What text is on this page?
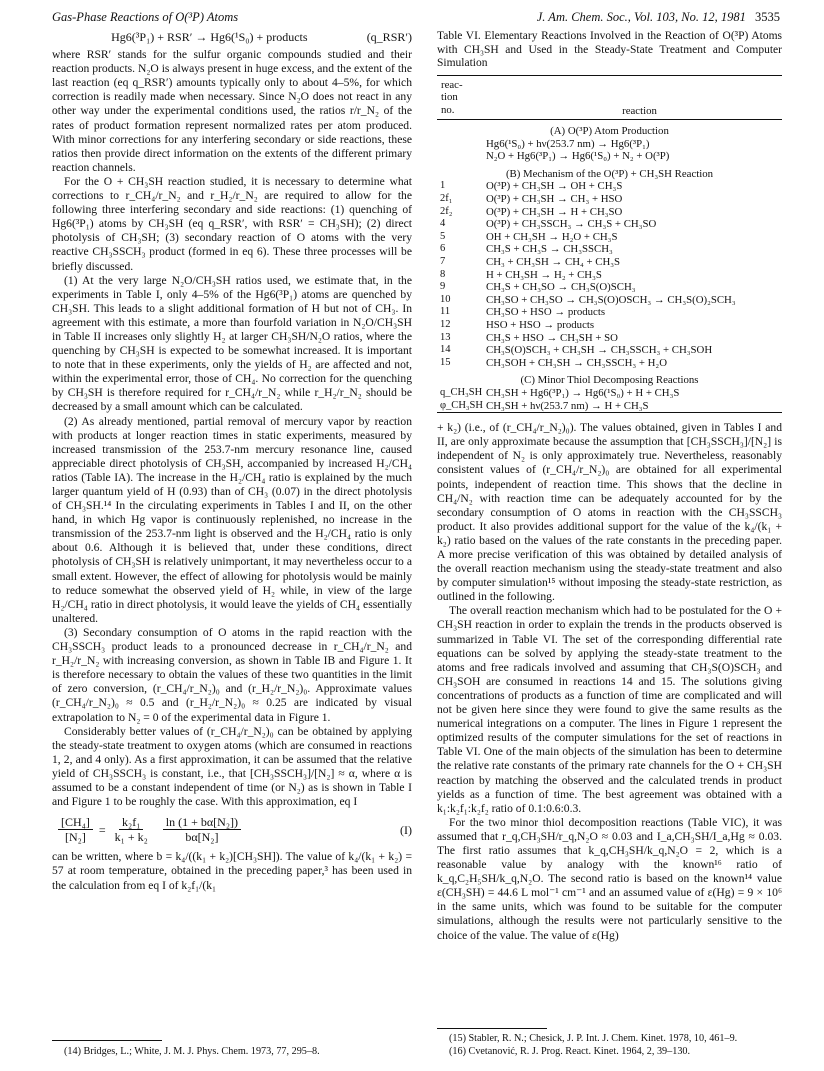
Gas-Phase Reactions of O(³P) Atoms	J. Am. Chem. Soc., Vol. 103, No. 12, 1981 3535
Hg6(³P₁) + RSR′ → Hg6(¹S₀) + products	(q_RSR′)

where RSR′ stands for the sulfur organic compounds studied and their reaction products. N₂O is always present in huge excess, and the extent of the last reaction (eq q_RSR′) amounts typically only to about 4–5%, for which correction is readily made when necessary. Since N₂O does not react in any other way under the experimental conditions used, the ratios r/r_N₂ of the rates of product formation represent normalized rates per atom produced. With minor corrections for any interfering secondary or side reactions, these ratios then provide direct information on the extents of the different primary reaction channels.

For the O + CH₃SH reaction studied, it is necessary to determine what corrections to r_CH₄/r_N₂ and r_H₂/r_N₂ are required to allow for the following three interfering secondary and side reactions: (1) quenching of Hg6(³P₁) atoms by CH₃SH (eq q_RSR′, with RSR′ = CH₃SH); (2) direct photolysis of CH₃SH; (3) secondary reaction of O atoms with the very reactive CH₃SSCH₃ product (formed in eq 6). These three processes will be briefly discussed.

(1) At the very large N₂O/CH₃SH ratios used, we estimate that, in the experiments in Table I, only 4–5% of the Hg6(³P₁) atoms are quenched by CH₃SH. This leads to a slight additional formation of H but not of CH₃. In agreement with this estimate, a more than fourfold variation in N₂O/CH₃SH in Table II increases only slightly H₂ at larger CH₃SH/N₂O ratios, where the quenching by CH₃SH is expected to be somewhat increased. It is important to note that in these experiments, only the yields of H₂ are affected and not, within the experimental error, those of CH₄. No correction for the quenching by CH₃SH is therefore required for r_CH₄/r_N₂ while r_H₂/r_N₂ should be decreased by a small amount which can be calculated.

(2) As already mentioned, partial removal of mercury vapor by reaction with products at longer reaction times in static experiments, measured by increased transmission of the 253.7-nm mercury resonance line, caused appreciable direct photolysis of CH₃SH, accompanied by increased H₂/CH₄ ratios (Table IA). The increase in the H₂/CH₄ ratio is explained by the much larger quantum yield of H (0.93) than of CH₃ (0.07) in the direct photolysis of CH₃SH.¹⁴ In the circulating experiments in Tables I and II, on the other hand, in which Hg vapor is continuously replenished, no increase in the transmission of the 253.7-nm light is observed and the H₂/CH₄ ratio is only about 0.6. Although it is believed that, under these conditions, direct photolysis of CH₃SH is relatively unimportant, it may nevertheless occur to a small extent. However, the effect of allowing for photolysis would be mainly to reduce somewhat the observed yield of H₂ while, in view of the large H₂/CH₄ ratio in direct photolysis, it would leave the yields of CH₄ essentially unaltered.

(3) Secondary consumption of O atoms in the rapid reaction with the CH₃SSCH₃ product leads to a pronounced decrease in r_CH₄/r_N₂ and r_H₂/r_N₂ with increasing conversion, as shown in Table IB and Figure 1. It is therefore necessary to obtain the values of these two quantities in the limit of zero conversion, (r_CH₄/r_N₂)₀ and (r_H₂/r_N₂)₀. Approximate values (r_CH₄/r_N₂)₀ ≈ 0.5 and (r_H₂/r_N₂)₀ ≈ 0.25 are indicated by visual extrapolation to N₂ = 0 of the experimental data in Figure 1.

Considerably better values of (r_CH₄/r_N₂)₀ can be obtained by applying the steady-state treatment to oxygen atoms (which are consumed in reactions 1, 2, and 4 only). As a first approximation, it can be assumed that the relative yield of CH₃SSCH₃ is constant, i.e., that [CH₃SSCH₃]/[N₂] ≈ α, where α is assumed to be a constant independent of time (or N₂) as is shown in Table I and Figure 1 to be roughly the case. With this approximation, eq I

$\frac{\text{[CH₄]}}{\text{[N₂]}} = \frac{\text{k₂f₁}}{\text{k₁ + k₂}} \frac{\text{ln (1 + bα[N₂])}}{\text{bα[N₂]}}$	(I)

can be written, where b = k₄/((k₁ + k₂)[CH₃SH]). The value of k₄/(k₁ + k₂) = 57 at room temperature, obtained in the preceding paper,³ has been used in the calculation from eq I of k₂f₁/(k₁

Table VI. Elementary Reactions Involved in the Reaction of O(³P) Atoms with CH₃SH and Used in the Steady-State Treatment and Computer Simulation
reac-
tion
no.	reaction
(A) O(³P) Atom Production
Hg6(¹S₀) + hν(253.7 nm) → Hg6(³P₁)
N₂O + Hg6(³P₁) → Hg6(¹S₀) + N₂ + O(³P)
(B) Mechanism of the O(³P) + CH₃SH Reaction
1	O(³P) + CH₃SH → OH + CH₃S
2f₁	O(³P) + CH₃SH → CH₃ + HSO
2f₂	O(³P) + CH₃SH → H + CH₃SO
4	O(³P) + CH₃SSCH₃ → CH₃S + CH₃SO
5	OH + CH₃SH → H₂O + CH₃S
6	CH₃S + CH₃S → CH₃SSCH₃
7	CH₃ + CH₃SH → CH₄ + CH₃S
8	H + CH₃SH → H₂ + CH₃S
9	CH₃S + CH₃SO → CH₃S(O)SCH₃
10	CH₃SO + CH₃SO → CH₃S(O)OSCH₃ → CH₃S(O)₂SCH₃
11	CH₃SO + HSO → products
12	HSO + HSO → products
13	CH₃S + HSO → CH₃SH + SO
14	CH₃S(O)SCH₃ + CH₃SH → CH₃SSCH₃ + CH₃SOH
15	CH₃SOH + CH₃SH → CH₃SSCH₃ + H₂O
(C) Minor Thiol Decomposing Reactions
q_CH₃SH CH₃SH + Hg6(³P₁) → Hg6(¹S₀) + H + CH₃S
φ_CH₃SH CH₃SH + hν(253.7 nm) → H + CH₃S

+ k₂) (i.e., of (r_CH₄/r_N₂)₀). The values obtained, given in Tables I and II, are only approximate because the assumption that [CH₃SSCH₃]/[N₂] is independent of N₂ is only approximately true. Nevertheless, reasonably consistent values of (r_CH₄/r_N₂)₀ are obtained for all experimental points, independent of reaction time. This shows that the decline in CH₄/N₂ with reaction time can be adequately accounted for by the secondary consumption of O atoms in reaction with the CH₃SSCH₃ product. It also provides additional support for the value of the k₄/(k₁ + k₂) ratio based on the values of the rate constants in the preceding paper. A more precise verification of this was obtained by detailed analysis of the overall reaction mechanism using the steady-state treatment and also by computer simulation¹⁵ without imposing the steady-state restriction, as outlined in the following.

The overall reaction mechanism which had to be postulated for the O + CH₃SH reaction in order to explain the trends in the products observed is summarized in Table VI. The set of the corresponding differential rate equations can be solved by applying the steady-state treatment to the atoms and free radicals involved and assuming that CH₃S(O)SCH₃ and CH₃SOH are consumed in reactions 14 and 15. The solutions giving concentrations of products as a function of time are complicated and will not be given here since they were found to give the same results as the numerical integrations on a computer. The lines in Figure 1 represent the optimized results of the computer simulations for the set of reactions in Table VI. One of the main objects of the simulation has been to determine the relative rate constants of the primary rate channels for the O + CH₃SH reaction by matching the observed and the calculated trends in product yields as a function of time. The best agreement was obtained with a k₁:k₂f₁:k₂f₂ ratio of 0.1:0.6:0.3.

For the two minor thiol decomposition reactions (Table VIC), it was assumed that r_q,CH₃SH/r_q,N₂O ≈ 0.03 and I_a,CH₃SH/I_a,Hg ≈ 0.03. The first ratio assumes that k_q,CH₃SH/k_q,N₂O = 2, which is a reasonable value by analogy with the known¹⁶ ratio of k_q,C₂H₅SH/k_q,N₂O. The second ratio is based on the known¹⁴ value ε(CH₃SH) = 44.6 L mol⁻¹ cm⁻¹ and an assumed value of ε(Hg) = 9 × 10⁶ in the same units, which was found to be suitable for the computer simulations, although the results were not particularly sensitive to the choice of the value. The value of ε(Hg)

(14) Bridges, L.; White, J. M. J. Phys. Chem. 1973, 77, 295–8.
(15) Stabler, R. N.; Chesick, J. P. Int. J. Chem. Kinet. 1978, 10, 461–9.
(16) Cvetanović, R. J. Prog. React. Kinet. 1964, 2, 39–130.
